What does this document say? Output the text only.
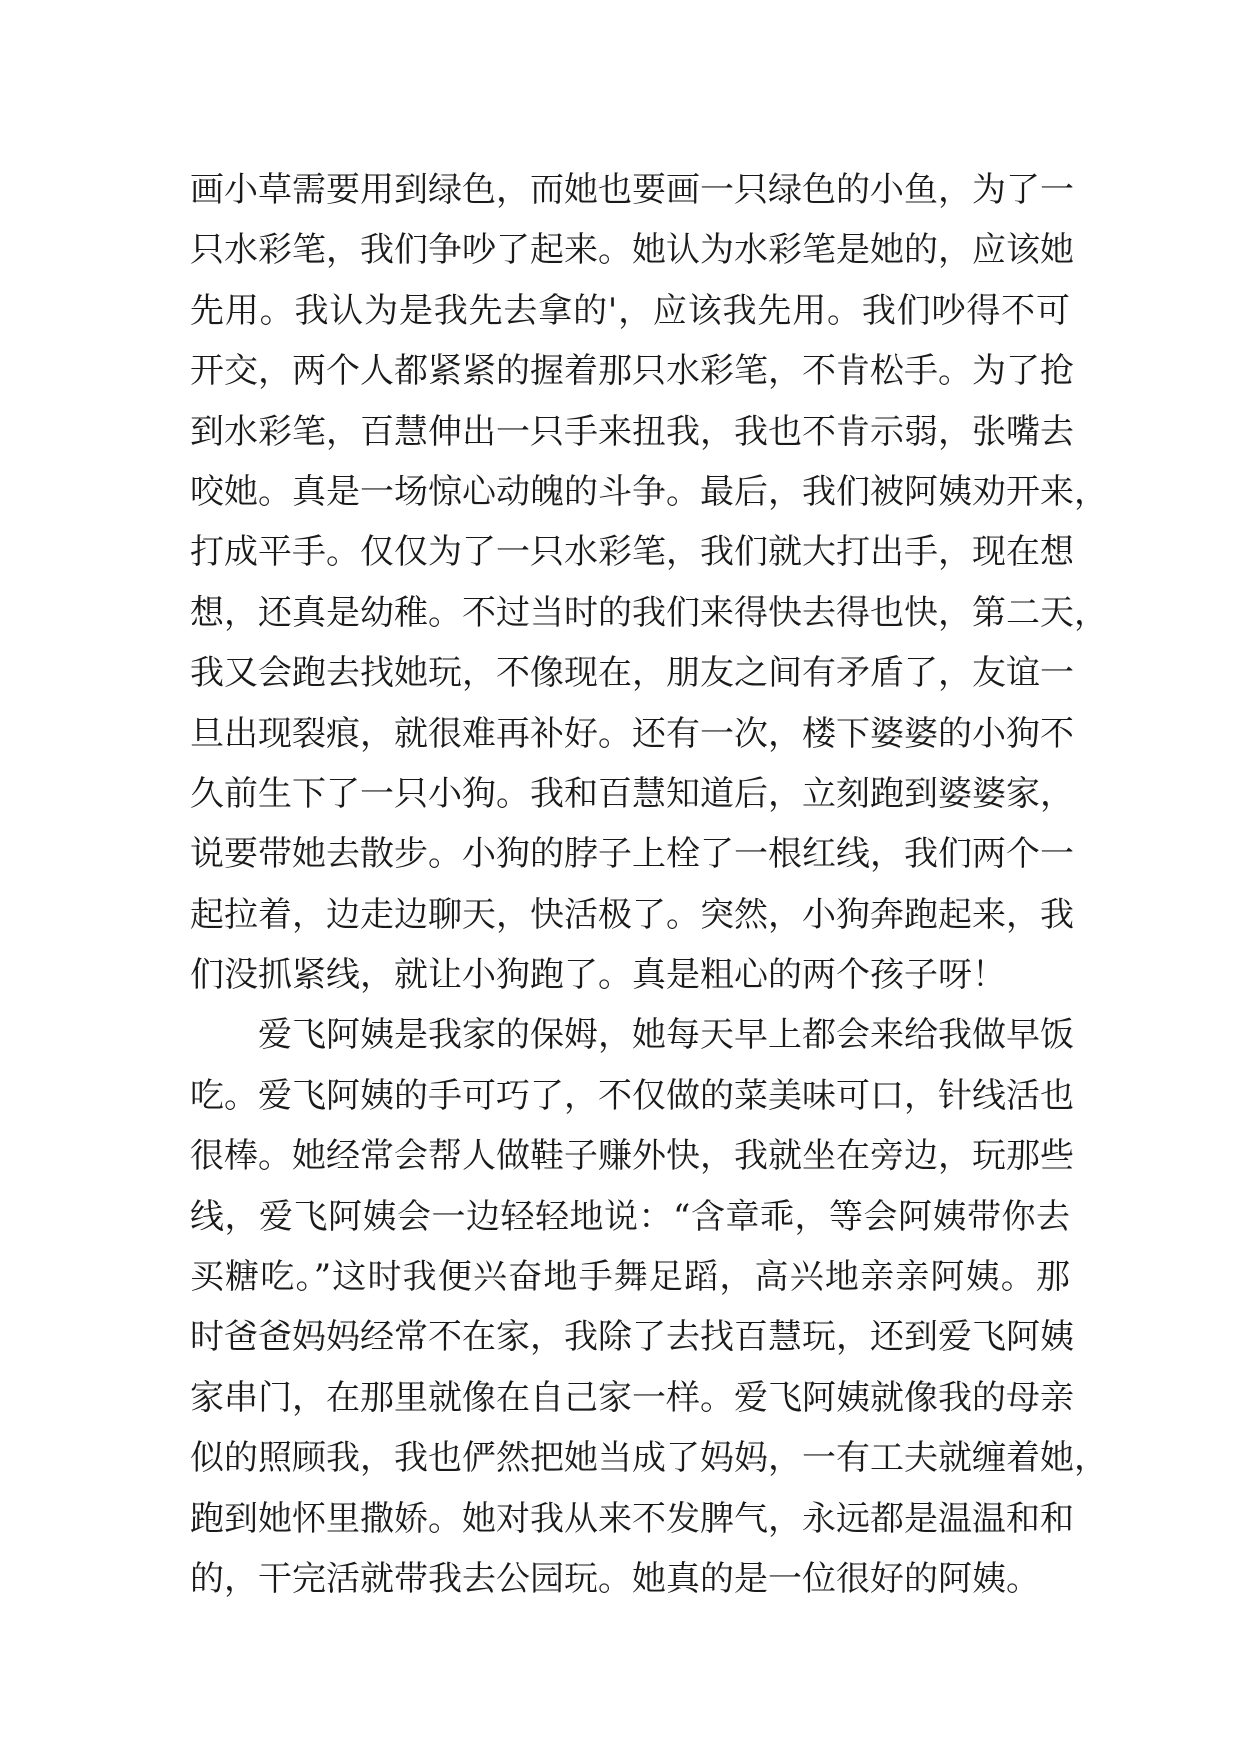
画小草需要用到绿色，而她也要画一只绿色的小鱼，为了一

只水彩笔，我们争吵了起来。她认为水彩笔是她的，应该她

先用。我认为是我先去拿的'，应该我先用。我们吵得不可

开交，两个人都紧紧的握着那只水彩笔，不肯松手。为了抢

到水彩笔，百慧伸出一只手来扭我，我也不肯示弱，张嘴去

咬她。真是一场惊心动魄的斗争。最后，我们被阿姨劝开来，

打成平手。仅仅为了一只水彩笔，我们就大打出手，现在想

想，还真是幼稚。不过当时的我们来得快去得也快，第二天，

我又会跑去找她玩，不像现在，朋友之间有矛盾了，友谊一

旦出现裂痕，就很难再补好。还有一次，楼下婆婆的小狗不

久前生下了一只小狗。我和百慧知道后，立刻跑到婆婆家，

说要带她去散步。小狗的脖子上栓了一根红线，我们两个一

起拉着，边走边聊天，快活极了。突然，小狗奔跑起来，我

们没抓紧线，就让小狗跑了。真是粗心的两个孩子呀！

爱飞阿姨是我家的保姆，她每天早上都会来给我做早饭

吃。爱飞阿姨的手可巧了，不仅做的菜美味可口，针线活也

很棒。她经常会帮人做鞋子赚外快，我就坐在旁边，玩那些

线，爱飞阿姨会一边轻轻地说：“含章乖，等会阿姨带你去

买糖吃。”这时我便兴奋地手舞足蹈，高兴地亲亲阿姨。那

时爸爸妈妈经常不在家，我除了去找百慧玩，还到爱飞阿姨

家串门，在那里就像在自己家一样。爱飞阿姨就像我的母亲

似的照顾我，我也俨然把她当成了妈妈，一有工夫就缠着她，

跑到她怀里撒娇。她对我从来不发脾气，永远都是温温和和

的，干完活就带我去公园玩。她真的是一位很好的阿姨。
